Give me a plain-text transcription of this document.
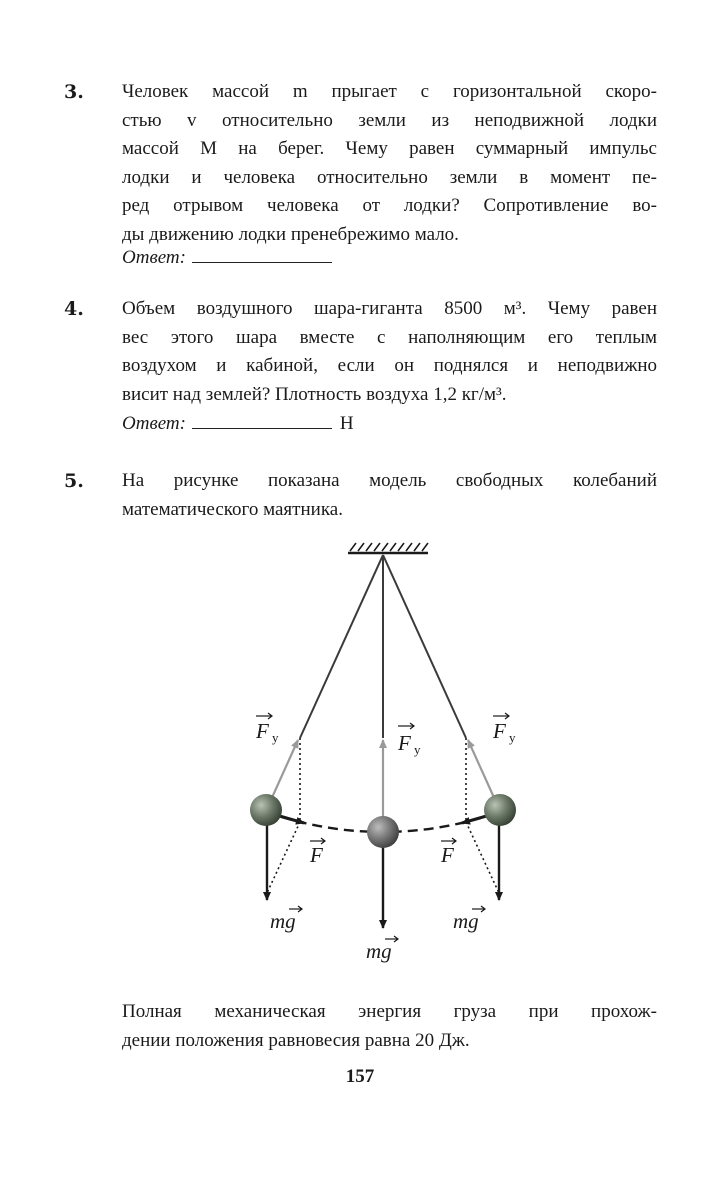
3. Человек массой m прыгает с горизонтальной скоро-
стью v относительно земли из неподвижной лодки
массой M на берег. Чему равен суммарный импульс
лодки и человека относительно земли в момент пе-
ред отрывом человека от лодки? Сопротивление во-
ды движению лодки пренебрежимо мало.
Ответ:
4. Объем воздушного шара-гиганта 8500 м³. Чему равен
вес этого шара вместе с наполняющим его теплым
воздухом и кабиной, если он поднялся и неподвижно
висит над землей? Плотность воздуха 1,2 кг/м³.
Ответ:	Н
5. На рисунке показана модель свободных колебаний
математического маятника.
F у	F у
F у
F	F
mg
mg
mg
Полная механическая энергия груза при прохож-
дении положения равновесия равна 20 Дж.
157
